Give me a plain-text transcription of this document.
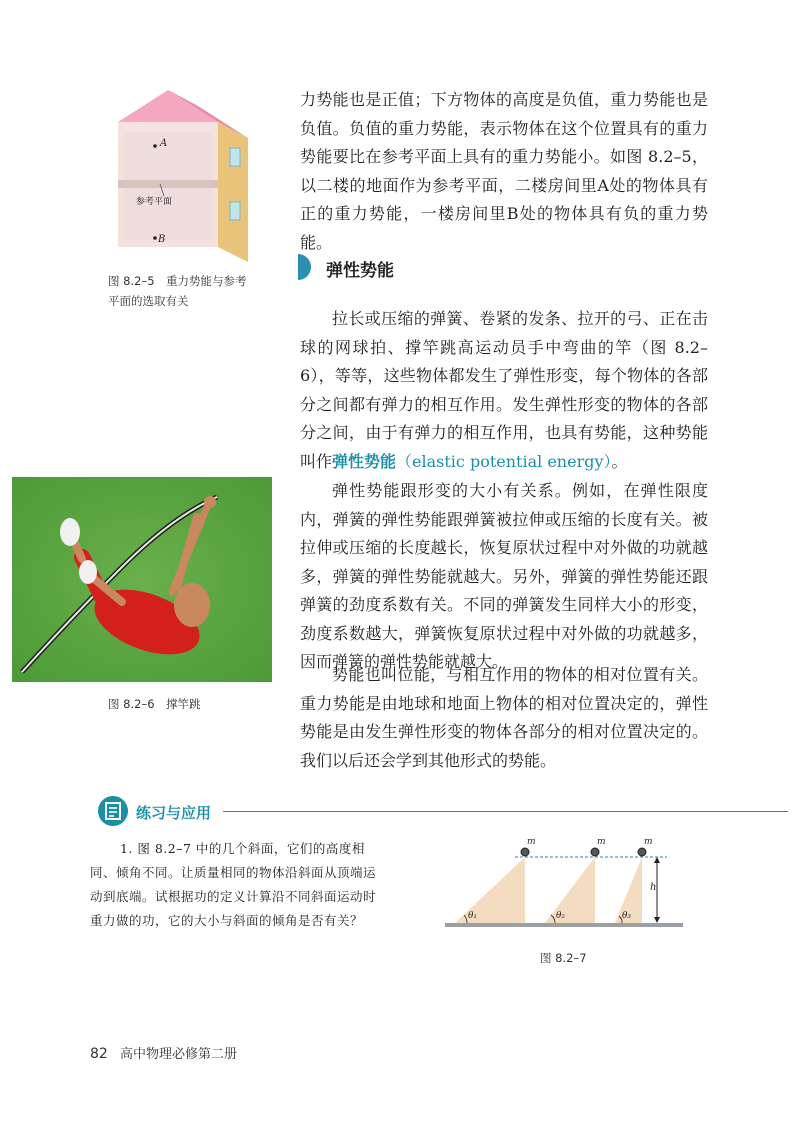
力势能也是正值；下方物体的高度是负值，重力势能也是负值。负值的重力势能，表示物体在这个位置具有的重力势能要比在参考平面上具有的重力势能小。如图 8.2–5，以二楼的地面作为参考平面，二楼房间里A处的物体具有正的重力势能，一楼房间里B处的物体具有负的重力势能。

A
B
参考平面
图 8.2–5　重力势能与参考
平面的选取有关
弹性势能

拉长或压缩的弹簧、卷紧的发条、拉开的弓、正在击球的网球拍、撑竿跳高运动员手中弯曲的竿（图 8.2–6），等等，这些物体都发生了弹性形变，每个物体的各部分之间都有弹力的相互作用。发生弹性形变的物体的各部分之间，由于有弹力的相互作用，也具有势能，这种势能叫作弹性势能（elastic potential energy）。

弹性势能跟形变的大小有关系。例如，在弹性限度内，弹簧的弹性势能跟弹簧被拉伸或压缩的长度有关。被拉伸或压缩的长度越长，恢复原状过程中对外做的功就越多，弹簧的弹性势能就越大。另外，弹簧的弹性势能还跟弹簧的劲度系数有关。不同的弹簧发生同样大小的形变，劲度系数越大，弹簧恢复原状过程中对外做的功就越多，因而弹簧的弹性势能就越大。

势能也叫位能，与相互作用的物体的相对位置有关。重力势能是由地球和地面上物体的相对位置决定的，弹性势能是由发生弹性形变的物体各部分的相对位置决定的。我们以后还会学到其他形式的势能。

图 8.2–6　撑竿跳
练习与应用
1. 图 8.2–7 中的几个斜面，它们的高度相同、倾角不同。让质量相同的物体沿斜面从顶端运动到底端。试根据功的定义计算沿不同斜面运动时重力做的功，它的大小与斜面的倾角是否有关？
m	m	m
h
θ₁	θ₂	θ₃
图 8.2–7
82 高中物理必修第二册
